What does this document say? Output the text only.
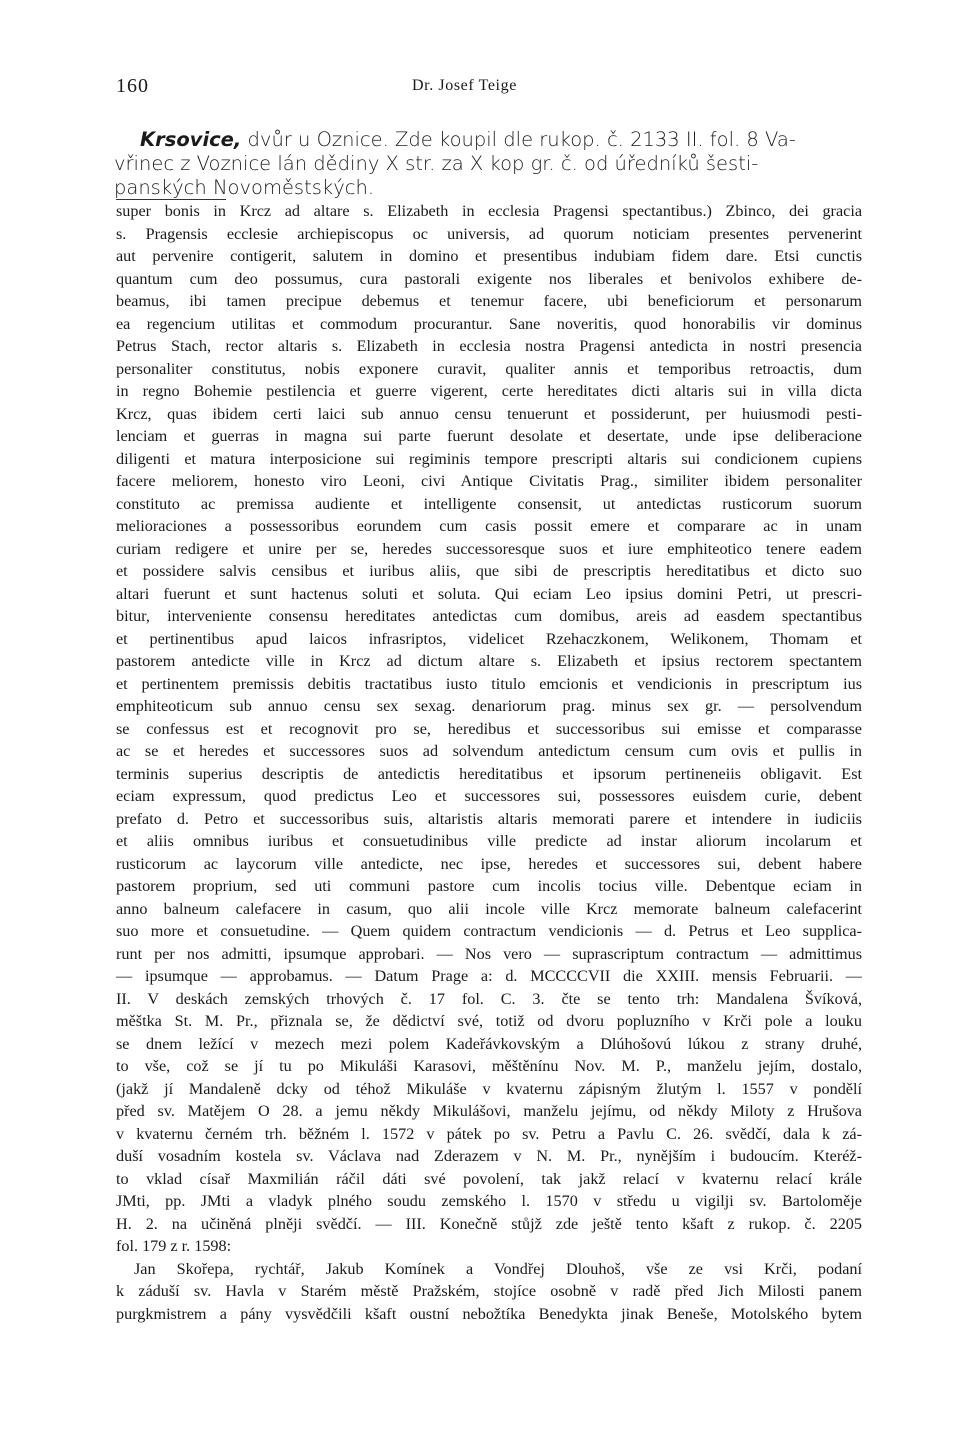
160	Dr. Josef Teige
Krsovice, dvůr u Oznice. Zde koupil dle rukop. č. 2133 II. fol. 8 Va-
vřinec z Voznice lán dědiny X str. za X kop gr. č. od úředníků šesti-
panských Novoměstských.
super bonis in Krcz ad altare s. Elizabeth in ecclesia Pragensi spectantibus.) Zbinco, dei gracia
s. Pragensis ecclesie archiepiscopus oc universis, ad quorum noticiam presentes pervenerint
aut pervenire contigerit, salutem in domino et presentibus indubiam fidem dare. Etsi cunctis
quantum cum deo possumus, cura pastorali exigente nos liberales et benivolos exhibere de-
beamus, ibi tamen precipue debemus et tenemur facere, ubi beneficiorum et personarum
ea regencium utilitas et commodum procurantur. Sane noveritis, quod honorabilis vir dominus
Petrus Stach, rector altaris s. Elizabeth in ecclesia nostra Pragensi antedicta in nostri presencia
personaliter constitutus, nobis exponere curavit, qualiter annis et temporibus retroactis, dum
in regno Bohemie pestilencia et guerre vigerent, certe hereditates dicti altaris sui in villa dicta
Krcz, quas ibidem certi laici sub annuo censu tenuerunt et possiderunt, per huiusmodi pesti-
lenciam et guerras in magna sui parte fuerunt desolate et desertate, unde ipse deliberacione
diligenti et matura interposicione sui regiminis tempore prescripti altaris sui condicionem cupiens
facere meliorem, honesto viro Leoni, civi Antique Civitatis Prag., similiter ibidem personaliter
constituto ac premissa audiente et intelligente consensit, ut antedictas rusticorum suorum
melioraciones a possessoribus eorundem cum casis possit emere et comparare ac in unam
curiam redigere et unire per se, heredes successoresque suos et iure emphiteotico tenere eadem
et possidere salvis censibus et iuribus aliis, que sibi de prescriptis hereditatibus et dicto suo
altari fuerunt et sunt hactenus soluti et soluta. Qui eciam Leo ipsius domini Petri, ut prescri-
bitur, interveniente consensu hereditates antedictas cum domibus, areis ad easdem spectantibus
et pertinentibus apud laicos infrasriptos, videlicet Rzehaczkonem, Welikonem, Thomam et
pastorem antedicte ville in Krcz ad dictum altare s. Elizabeth et ipsius rectorem spectantem
et pertinentem premissis debitis tractatibus iusto titulo emcionis et vendicionis in prescriptum ius
emphiteoticum sub annuo censu sex sexag. denariorum prag. minus sex gr. — persolvendum
se confessus est et recognovit pro se, heredibus et successoribus sui emisse et comparasse
ac se et heredes et successores suos ad solvendum antedictum censum cum ovis et pullis in
terminis superius descriptis de antedictis hereditatibus et ipsorum pertineneiis obligavit. Est
eciam expressum, quod predictus Leo et successores sui, possessores euisdem curie, debent
prefato d. Petro et successoribus suis, altaristis altaris memorati parere et intendere in iudiciis
et aliis omnibus iuribus et consuetudinibus ville predicte ad instar aliorum incolarum et
rusticorum ac laycorum ville antedicte, nec ipse, heredes et successores sui, debent habere
pastorem proprium, sed uti communi pastore cum incolis tocius ville. Debentque eciam in
anno balneum calefacere in casum, quo alii incole ville Krcz memorate balneum calefacerint
suo more et consuetudine. — Quem quidem contractum vendicionis — d. Petrus et Leo supplica-
runt per nos admitti, ipsumque approbari. — Nos vero — suprascriptum contractum — admittimus
— ipsumque — approbamus. — Datum Prage a: d. MCCCCVII die XXIII. mensis Februarii. —
II. V deskách zemských trhových č. 17 fol. C. 3. čte se tento trh: Mandalena Švíková,
měštka St. M. Pr., přiznala se, že dědictví své, totiž od dvoru popluzního v Krči pole a louku
se dnem ležící v mezech mezi polem Kadeřávkovským a Dlúhošovú lúkou z strany druhé,
to vše, což se jí tu po Mikuláši Karasovi, měštěnínu Nov. M. P., manželu jejím, dostalo,
(jakž jí Mandaleně dcky od téhož Mikuláše v kvaternu zápisným žlutým l. 1557 v pondělí
před sv. Matějem O 28. a jemu někdy Mikulášovi, manželu jejímu, od někdy Miloty z Hrušova
v kvaternu černém trh. běžném l. 1572 v pátek po sv. Petru a Pavlu C. 26. svědčí, dala k zá-
duší vosadním kostela sv. Václava nad Zderazem v N. M. Pr., nynějším i budoucím. Kteréž-
to vklad císař Maxmilián ráčil dáti své povolení, tak jakž relací v kvaternu relací krále
JMti, pp. JMti a vladyk plného soudu zemského l. 1570 v středu u vigilji sv. Bartoloměje
H. 2. na učiněná plněji svědčí. — III. Konečně stůjž zde ještě tento kšaft z rukop. č. 2205
fol. 179 z r. 1598:
Jan Skořepa, rychtář, Jakub Komínek a Vondřej Dlouhoš, vše ze vsi Krči, podaní
k záduší sv. Havla v Starém městě Pražském, stojíce osobně v radě před Jich Milosti panem
purgkmistrem a pány vysvědčili kšaft oustní nebožtíka Benedykta jinak Beneše, Motolského bytem
